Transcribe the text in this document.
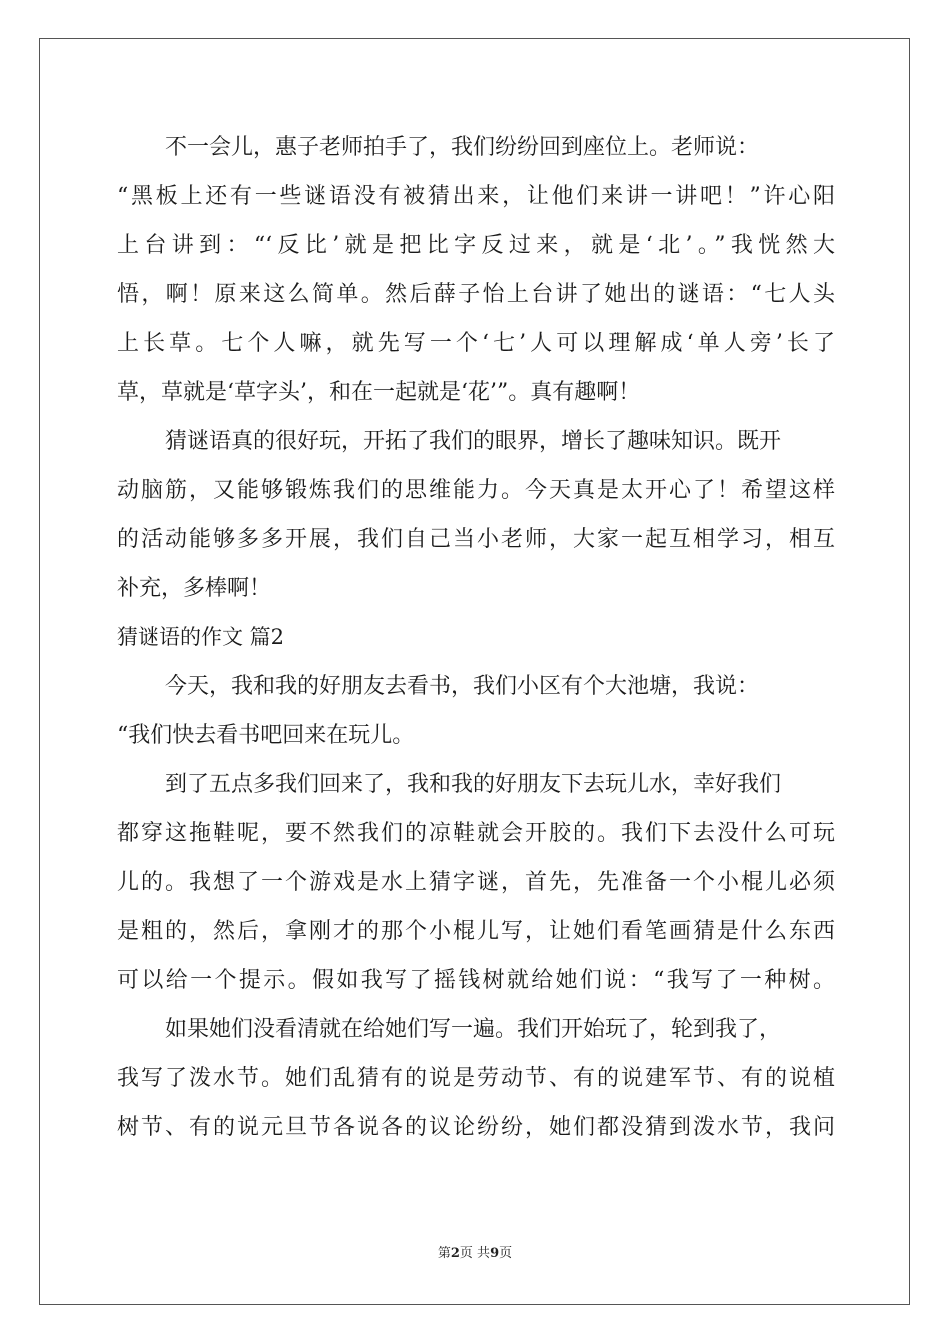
不一会儿，惠子老师拍手了，我们纷纷回到座位上。老师说：
“黑板上还有一些谜语没有被猜出来，让他们来讲一讲吧！”许心阳
上台讲到：“‘反比’就是把比字反过来，就是‘北’。”我恍然大
悟，啊！原来这么简单。然后薛子怡上台讲了她出的谜语：“七人头
上长草。七个人嘛，就先写一个‘七’人可以理解成‘单人旁’长了
草，草就是‘草字头’，和在一起就是‘花’”。真有趣啊！
猜谜语真的很好玩，开拓了我们的眼界，增长了趣味知识。既开
动脑筋，又能够锻炼我们的思维能力。今天真是太开心了！希望这样
的活动能够多多开展，我们自己当小老师，大家一起互相学习，相互
补充，多棒啊！
猜谜语的作文 篇2
今天，我和我的好朋友去看书，我们小区有个大池塘，我说：
“我们快去看书吧回来在玩儿。
到了五点多我们回来了，我和我的好朋友下去玩儿水，幸好我们
都穿这拖鞋呢，要不然我们的凉鞋就会开胶的。我们下去没什么可玩
儿的。我想了一个游戏是水上猜字谜，首先，先准备一个小棍儿必须
是粗的，然后，拿刚才的那个小棍儿写，让她们看笔画猜是什么东西
可以给一个提示。假如我写了摇钱树就给她们说：“我写了一种树。
如果她们没看清就在给她们写一遍。我们开始玩了，轮到我了，
我写了泼水节。她们乱猜有的说是劳动节、有的说建军节、有的说植
树节、有的说元旦节各说各的议论纷纷，她们都没猜到泼水节，我问
第2页 共9页
